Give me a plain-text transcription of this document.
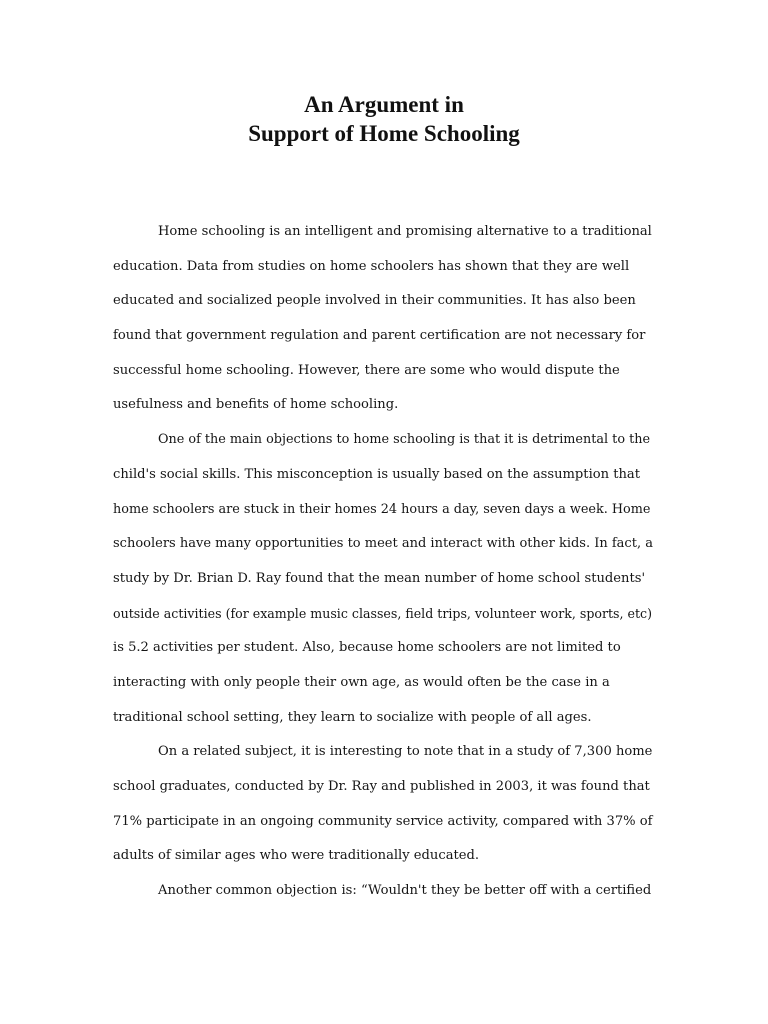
An Argument in
Support of Home Schooling
Home schooling is an intelligent and promising alternative to a traditional
education. Data from studies on home schoolers has shown that they are well
educated and socialized people involved in their communities. It has also been
found that government regulation and parent certification are not necessary for
successful home schooling. However, there are some who would dispute the
usefulness and benefits of home schooling.
One of the main objections to home schooling is that it is detrimental to the
child's social skills. This misconception is usually based on the assumption that
home schoolers are stuck in their homes 24 hours a day, seven days a week. Home
schoolers have many opportunities to meet and interact with other kids. In fact, a
study by Dr. Brian D. Ray found that the mean number of home school students'
outside activities (for example music classes, field trips, volunteer work, sports, etc)
is 5.2 activities per student. Also, because home schoolers are not limited to
interacting with only people their own age, as would often be the case in a
traditional school setting, they learn to socialize with people of all ages.
On a related subject, it is interesting to note that in a study of 7,300 home
school graduates, conducted by Dr. Ray and published in 2003, it was found that
71% participate in an ongoing community service activity, compared with 37% of
adults of similar ages who were traditionally educated.
Another common objection is: “Wouldn't they be better off with a certified
